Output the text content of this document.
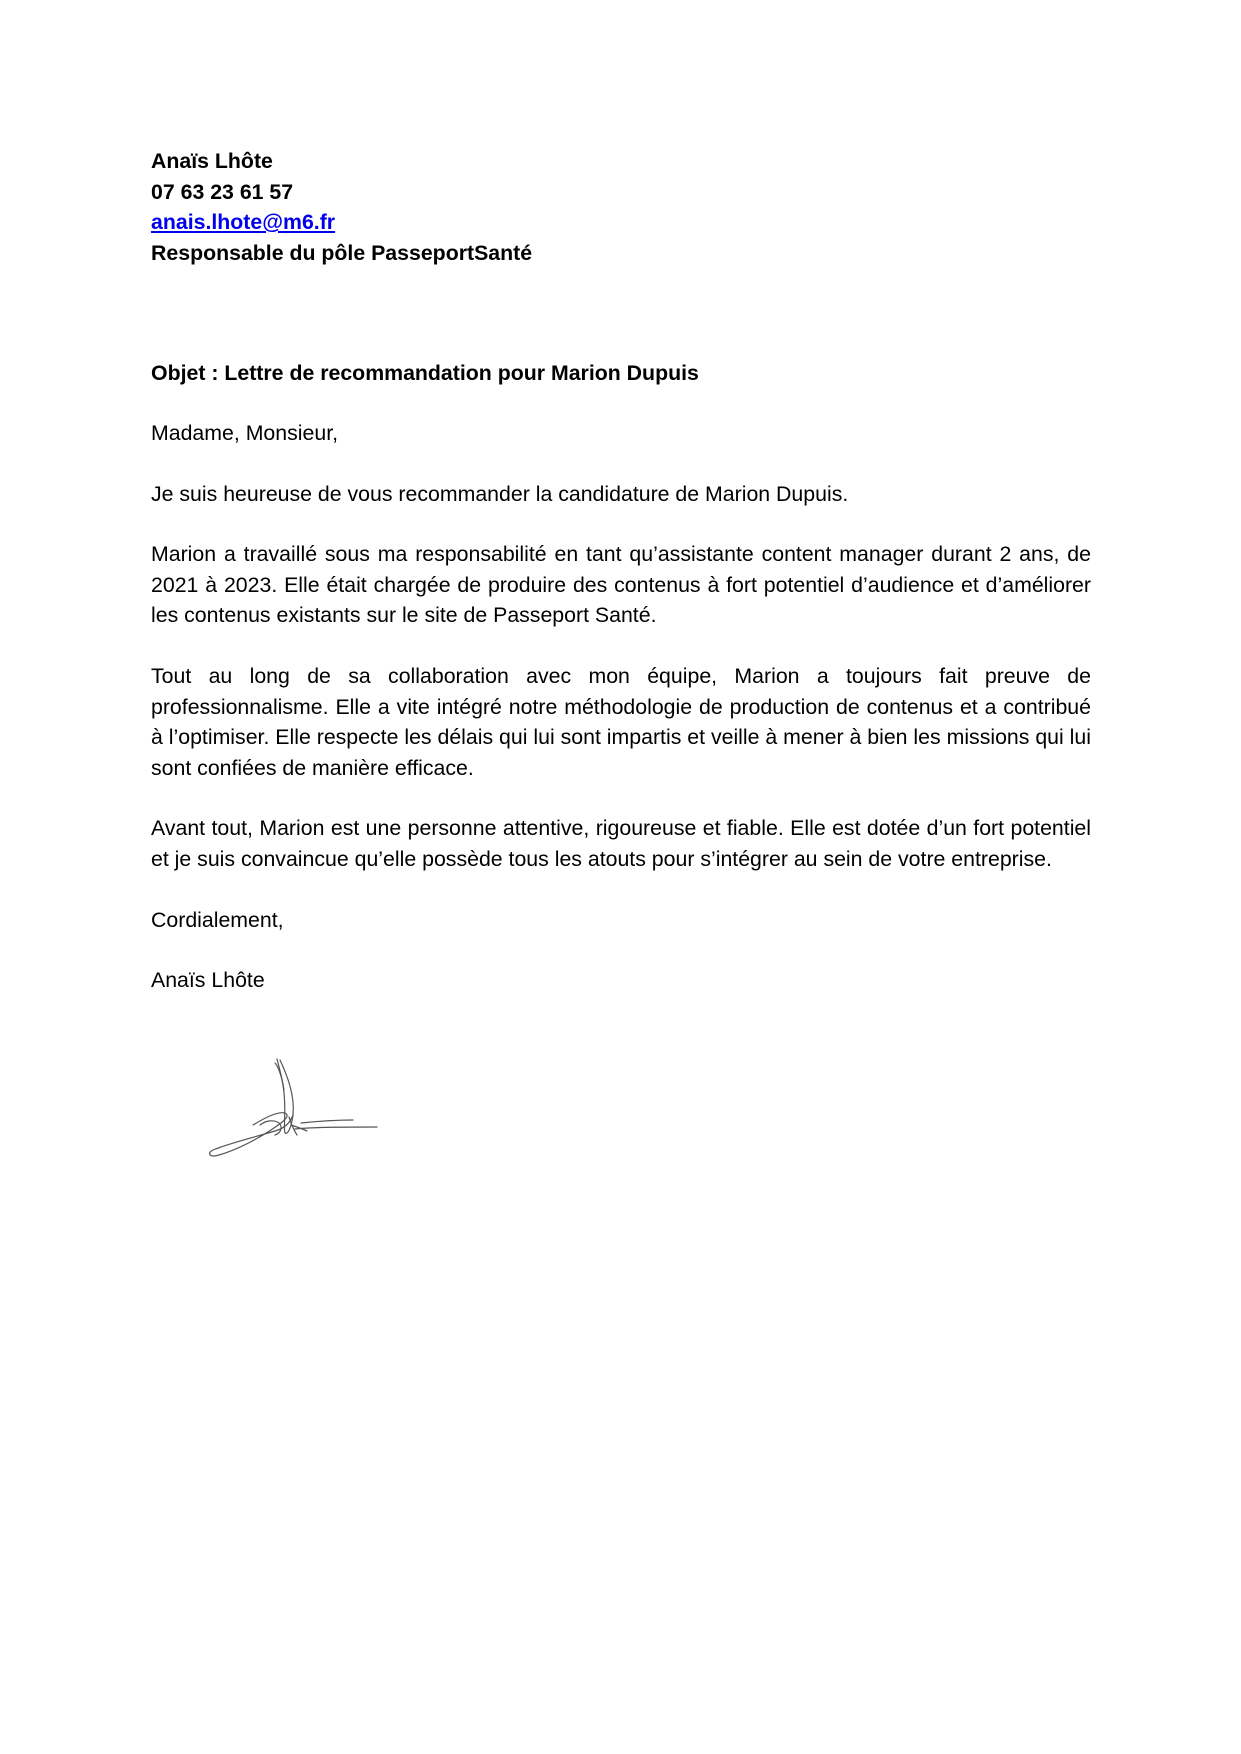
Anaïs Lhôte
07 63 23 61 57
anais.lhote@m6.fr
Responsable du pôle PasseportSanté
Objet : Lettre de recommandation pour Marion Dupuis

Madame, Monsieur,

Je suis heureuse de vous recommander la candidature de Marion Dupuis.

Marion a travaillé sous ma responsabilité en tant qu’assistante content manager durant 2 ans, de 2021 à 2023. Elle était chargée de produire des contenus à fort potentiel d’audience et d’améliorer les contenus existants sur le site de Passeport Santé.

Tout au long de sa collaboration avec mon équipe, Marion a toujours fait preuve de professionnalisme. Elle a vite intégré notre méthodologie de production de contenus et a contribué à l’optimiser. Elle respecte les délais qui lui sont impartis et veille à mener à bien les missions qui lui sont confiées de manière efficace.

Avant tout, Marion est une personne attentive, rigoureuse et fiable. Elle est dotée d’un fort potentiel et je suis convaincue qu’elle possède tous les atouts pour s’intégrer au sein de votre entreprise.

Cordialement,

Anaïs Lhôte
